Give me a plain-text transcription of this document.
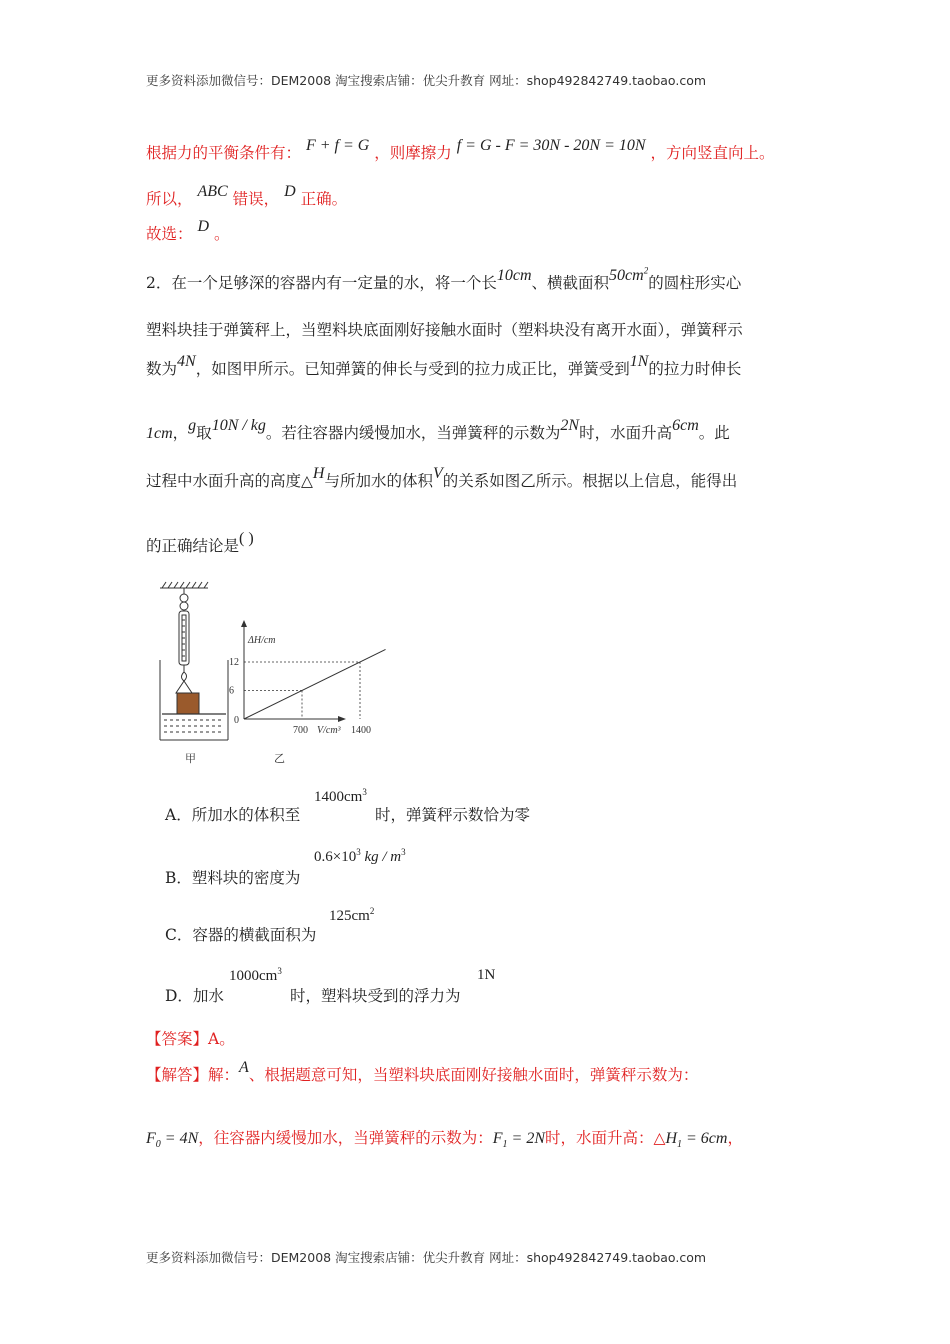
更多资料添加微信号：DEM2008 淘宝搜索店铺：优尖升教育 网址：shop492842749.taobao.com
更多资料添加微信号：DEM2008 淘宝搜索店铺：优尖升教育 网址：shop492842749.taobao.com
根据力的平衡条件有： F + f = G ，则摩擦力 f = G - F = 30N - 20N = 10N ，方向竖直向上。
所以， ABC 错误， D 正确。
故选： D 。
2．在一个足够深的容器内有一定量的水，将一个长10cm、横截面积$50cm^2$的圆柱形实心
塑料块挂于弹簧秤上，当塑料块底面刚好接触水面时（塑料块没有离开水面），弹簧秤示
数为4N，如图甲所示。已知弹簧的伸长与受到的拉力成正比，弹簧受到1N的拉力时伸长
1cm，g取10N / kg。若往容器内缓慢加水，当弹簧秤的示数为2N时，水面升高6cm。此
过程中水面升高的高度△H与所加水的体积V的关系如图乙所示。根据以上信息，能得出
的正确结论是( )
甲
6
700
12
1400
ΔH/cm
V/cm³
0
乙
A．所加水的体积至
$1400cm^3$
时，弹簧秤示数恰为零
B．塑料块的密度为
$0.6\times 10^3$ kg / $m^3$
C．容器的横截面积为
$125cm^2$
D．加水
$1000cm^3$
时，塑料块受到的浮力为
1N
【答案】A。
【解答】解：A、根据题意可知，当塑料块底面刚好接触水面时，弹簧秤示数为：
$F_0 = 4N$，往容器内缓慢加水，当弹簧秤的示数为：$F_1 = 2N$时，水面升高：$\triangle H_1 = 6cm$，
